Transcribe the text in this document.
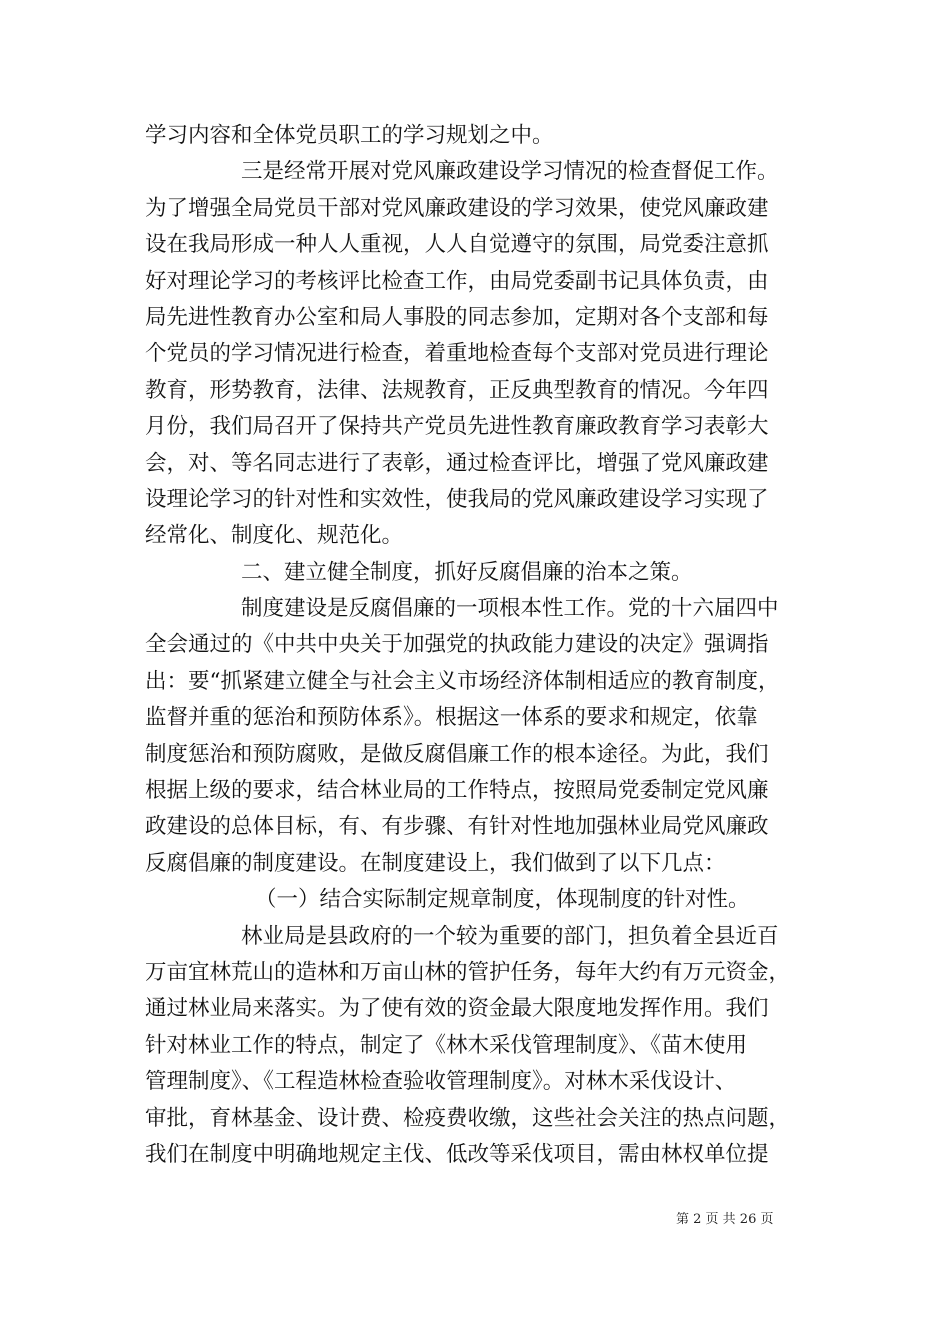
学习内容和全体党员职工的学习规划之中。
三是经常开展对党风廉政建设学习情况的检查督促工作。
为了增强全局党员干部对党风廉政建设的学习效果，使党风廉政建
设在我局形成一种人人重视，人人自觉遵守的氛围，局党委注意抓
好对理论学习的考核评比检查工作，由局党委副书记具体负责，由
局先进性教育办公室和局人事股的同志参加，定期对各个支部和每
个党员的学习情况进行检查，着重地检查每个支部对党员进行理论
教育，形势教育，法律、法规教育，正反典型教育的情况。今年四
月份，我们局召开了保持共产党员先进性教育廉政教育学习表彰大
会，对、等名同志进行了表彰，通过检查评比，增强了党风廉政建
设理论学习的针对性和实效性，使我局的党风廉政建设学习实现了
经常化、制度化、规范化。
二、建立健全制度，抓好反腐倡廉的治本之策。
制度建设是反腐倡廉的一项根本性工作。党的十六届四中
全会通过的《中共中央关于加强党的执政能力建设的决定》强调指
出：要“抓紧建立健全与社会主义市场经济体制相适应的教育制度，
监督并重的惩治和预防体系》。根据这一体系的要求和规定，依靠
制度惩治和预防腐败，是做反腐倡廉工作的根本途径。为此，我们
根据上级的要求，结合林业局的工作特点，按照局党委制定党风廉
政建设的总体目标，有、有步骤、有针对性地加强林业局党风廉政
反腐倡廉的制度建设。在制度建设上，我们做到了以下几点：
（一）结合实际制定规章制度，体现制度的针对性。
林业局是县政府的一个较为重要的部门，担负着全县近百
万亩宜林荒山的造林和万亩山林的管护任务，每年大约有万元资金，
通过林业局来落实。为了使有效的资金最大限度地发挥作用。我们
针对林业工作的特点，制定了《林木采伐管理制度》、《苗木使用
管理制度》、《工程造林检查验收管理制度》。对林木采伐设计、
审批，育林基金、设计费、检疫费收缴，这些社会关注的热点问题，
我们在制度中明确地规定主伐、低改等采伐项目，需由林权单位提
第 2 页 共 26 页
